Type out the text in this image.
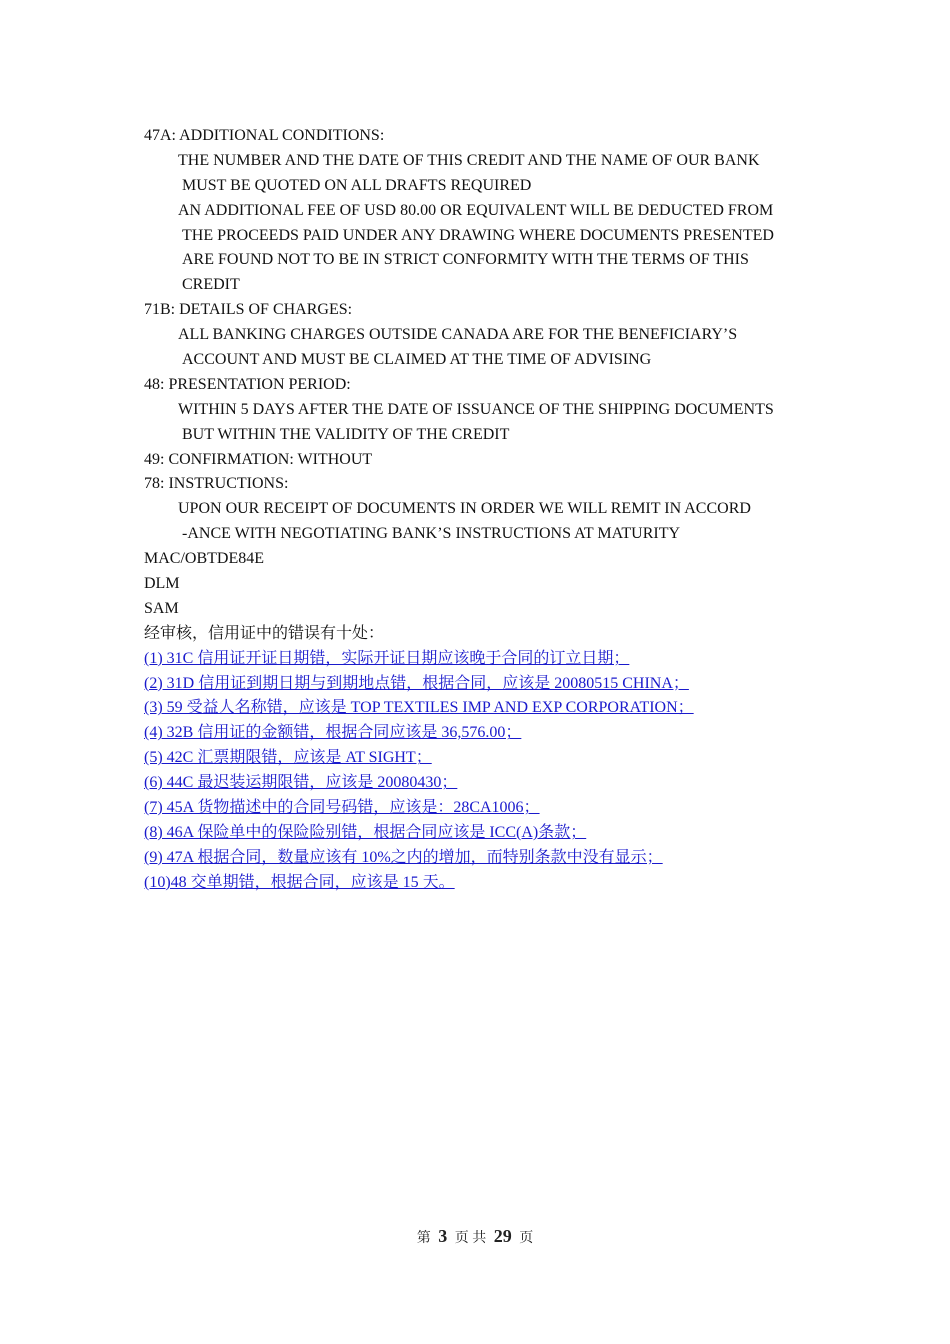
47A: ADDITIONAL CONDITIONS:
THE NUMBER AND THE DATE OF THIS CREDIT AND THE NAME OF OUR BANK
MUST BE QUOTED ON ALL DRAFTS REQUIRED
AN ADDITIONAL FEE OF USD 80.00 OR EQUIVALENT WILL BE DEDUCTED FROM
THE PROCEEDS PAID UNDER ANY DRAWING WHERE DOCUMENTS PRESENTED
ARE FOUND NOT TO BE IN STRICT CONFORMITY WITH THE TERMS OF THIS
CREDIT
71B: DETAILS OF CHARGES:
ALL BANKING CHARGES OUTSIDE CANADA ARE FOR THE BENEFICIARY’S
ACCOUNT AND MUST BE CLAIMED AT THE TIME OF ADVISING
48: PRESENTATION PERIOD:
WITHIN 5 DAYS AFTER THE DATE OF ISSUANCE OF THE SHIPPING DOCUMENTS
BUT WITHIN THE VALIDITY OF THE CREDIT
49: CONFIRMATION: WITHOUT
78: INSTRUCTIONS:
UPON OUR RECEIPT OF DOCUMENTS IN ORDER WE WILL REMIT IN ACCORD
-ANCE WITH NEGOTIATING BANK’S INSTRUCTIONS AT MATURITY
MAC/OBTDE84E
DLM
SAM
经审核，信用证中的错误有十处：
(1) 31C 信用证开证日期错，实际开证日期应该晚于合同的订立日期；
(2) 31D 信用证到期日期与到期地点错，根据合同，应该是 20080515 CHINA；
(3) 59 受益人名称错，应该是 TOP TEXTILES IMP AND EXP CORPORATION；
(4) 32B 信用证的金额错，根据合同应该是 36,576.00；
(5) 42C 汇票期限错，应该是 AT SIGHT；
(6) 44C 最迟装运期限错，应该是 20080430；
(7) 45A 货物描述中的合同号码错，应该是：28CA1006；
(8) 46A 保险单中的保险险别错，根据合同应该是 ICC(A)条款；
(9) 47A 根据合同，数量应该有 10%之内的增加，而特别条款中没有显示；
(10)48 交单期错，根据合同，应该是 15 天。
第 3 页 共 29 页
